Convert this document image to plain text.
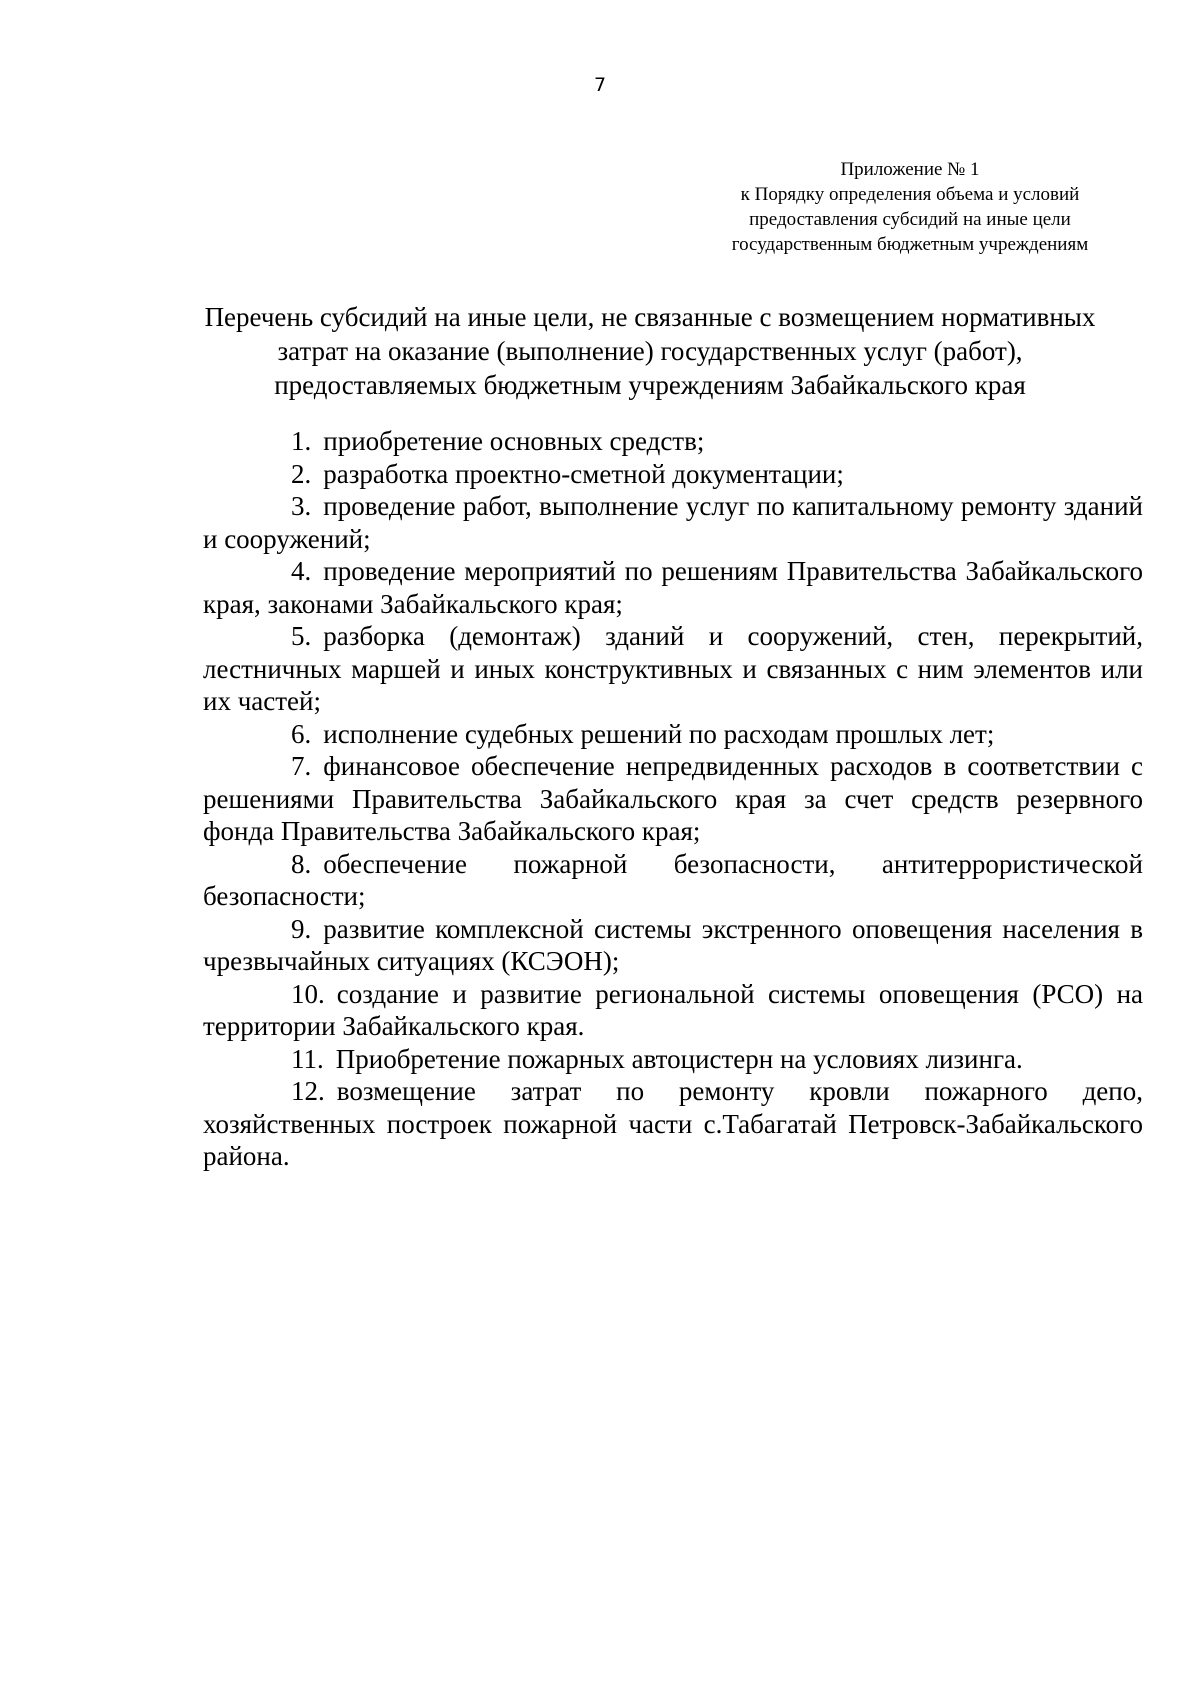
7
Приложение № 1
к Порядку определения объема и условий
предоставления субсидий на иные цели
государственным бюджетным учреждениям
Перечень субсидий на иные цели, не связанные с возмещением нормативных
затрат на оказание (выполнение) государственных услуг (работ),
предоставляемых бюджетным учреждениям Забайкальского края
1. приобретение основных средств;
2. разработка проектно-сметной документации;
3. проведение работ, выполнение услуг по капитальному ремонту зданий и сооружений;
4. проведение мероприятий по решениям Правительства Забайкальского края, законами Забайкальского края;
5. разборка (демонтаж) зданий и сооружений, стен, перекрытий, лестничных маршей и иных конструктивных и связанных с ним элементов или их частей;
6. исполнение судебных решений по расходам прошлых лет;
7. финансовое обеспечение непредвиденных расходов в соответствии с решениями Правительства Забайкальского края за счет средств резервного фонда Правительства Забайкальского края;
8. обеспечение пожарной безопасности, антитеррористической безопасности;
9. развитие комплексной системы экстренного оповещения населения в чрезвычайных ситуациях (КСЭОН);
10. создание и развитие региональной системы оповещения (РСО) на территории Забайкальского края.
11. Приобретение пожарных автоцистерн на условиях лизинга.
12. возмещение затрат по ремонту кровли пожарного депо, хозяйственных построек пожарной части с.Табагатай Петровск-Забайкальского района.
